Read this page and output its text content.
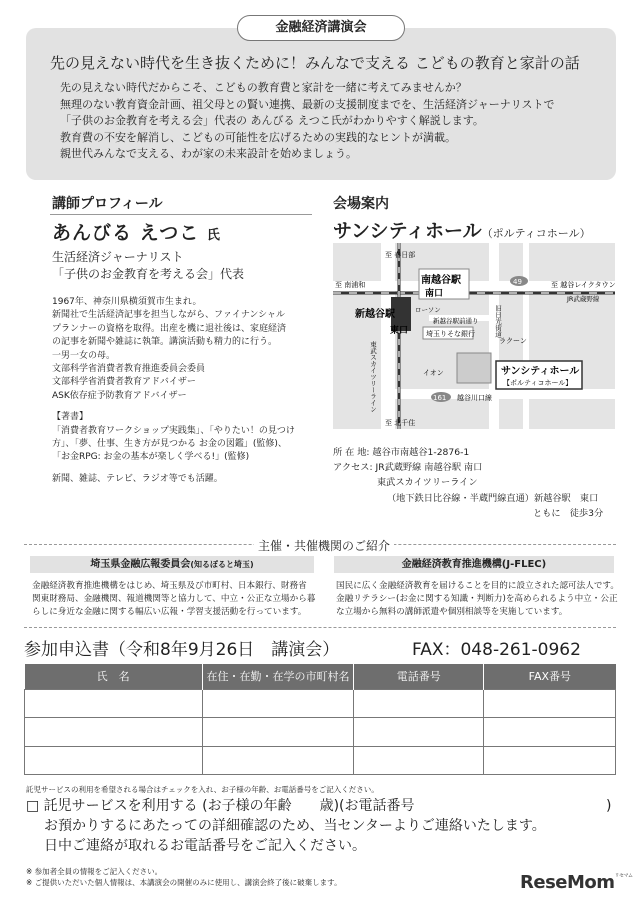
金融経済講演会
先の見えない時代を生き抜くために！みんなで支える こどもの教育と家計の話
先の見えない時代だからこそ、こどもの教育費と家計を一緒に考えてみませんか？
無理のない教育資金計画、祖父母との賢い連携、最新の支援制度までを、生活経済ジャーナリストで
「子供のお金教育を考える会」代表の あんびる えつこ氏がわかりやすく解説します。
教育費の不安を解消し、こどもの可能性を広げるための実践的なヒントが満載。
親世代みんなで支える、わが家の未来設計を始めましょう。
講師プロフィール
あんびる えつこ 氏
生活経済ジャーナリスト
「子供のお金教育を考える会」代表
1967年、神奈川県横須賀市生まれ。
新聞社で生活経済記事を担当しながら、ファイナンシャル
プランナーの資格を取得。出産を機に退社後は、家庭経済
の記事を新聞や雑誌に執筆。講演活動も精力的に行う。
一男一女の母。
文部科学省消費者教育推進委員会委員
文部科学省消費者教育アドバイザー
ASK依存症予防教育アドバイザー
【著書】
「消費者教育ワークショップ実践集」、「やりたい！の見つけ
方」、「夢、仕事、生き方が見つかる お金の図鑑」(監修)、
「お金RPG: お金の基本が楽しく学べる!」(監修)
新聞、雑誌、テレビ、ラジオ等でも活躍。
会場案内
サンシティホール（ポルティコホール）
南越谷駅
南口
新越谷駅
東口
至 春日部
至 南浦和	至 越谷レイクタウン
JR武蔵野線
49
ローソン
新越谷駅前通り
埼玉りそな銀行	旧日光街道
ラクーン
イオン	サンシティホール
【ポルティコホール】
東武スカイツリーライン
至 北千住
161 越谷川口線
所 在 地: 越谷市南越谷1-2876-1
アクセス: JR武蔵野線 南越谷駅 南口
東武スカイツリーライン
（地下鉄日比谷線・半蔵門線直通）新越谷駅　東口
ともに　徒歩3分
主催・共催機関のご紹介
埼玉県金融広報委員会(知るぽると埼玉)
金融経済教育推進機構をはじめ、埼玉県及び市町村、日本銀行、財務省
関東財務局、金融機関、報道機関等と協力して、中立・公正な立場から暮
らしに身近な金融に関する幅広い広報・学習支援活動を行っています。
金融経済教育推進機構(J-FLEC)
国民に広く金融経済教育を届けることを目的に設立された認可法人です。
金融リテラシー(お金に関する知識・判断力)を高められるよう中立・公正
な立場から無料の講師派遣や個別相談等を実施しています。
参加申込書（令和8年9月26日　講演会）	FAX：048-261-0962
氏　名	在住・在勤・在学の市町村名	電話番号	FAX番号

託児サービスの利用を希望される場合はチェックを入れ、お子様の年齢、お電話番号をご記入ください。
□ 託児サービスを利用する (お子様の年齢　　歳)(お電話番号	)
お預かりするにあたっての詳細確認のため、当センターよりご連絡いたします。
日中ご連絡が取れるお電話番号をご記入ください。
※ 参加者全員の情報をご記入ください。
※ ご提供いただいた個人情報は、本講演会の開催のみに使用し、講演会終了後に破棄します。	ReseMom$^{リセマム}$
